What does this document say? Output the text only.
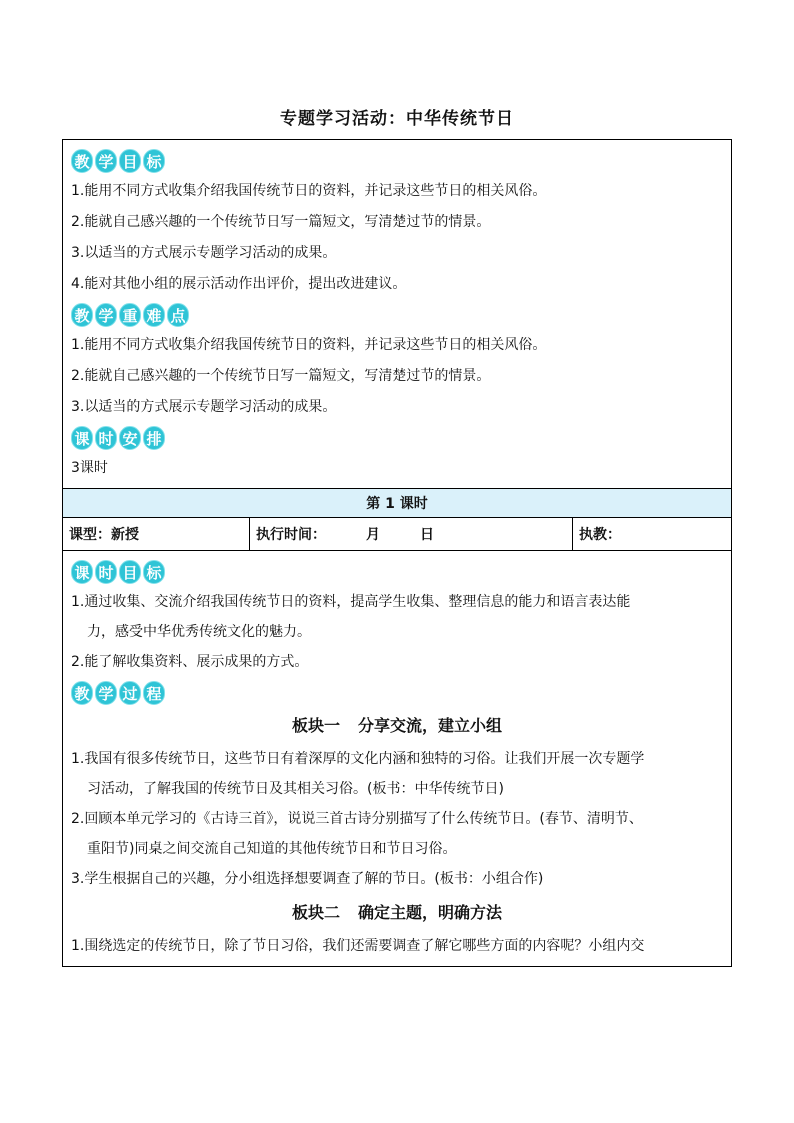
专题学习活动：中华传统节日
教 学 目 标
1.能用不同方式收集介绍我国传统节日的资料，并记录这些节日的相关风俗。
2.能就自己感兴趣的一个传统节日写一篇短文，写清楚过节的情景。
3.以适当的方式展示专题学习活动的成果。
4.能对其他小组的展示活动作出评价，提出改进建议。
教 学 重 难 点
1.能用不同方式收集介绍我国传统节日的资料，并记录这些节日的相关风俗。
2.能就自己感兴趣的一个传统节日写一篇短文，写清楚过节的情景。
3.以适当的方式展示专题学习活动的成果。
课 时 安 排
3课时
第 1 课时
课型：新授	执行时间：	月	日	执教：
课 时 目 标
1.通过收集、交流介绍我国传统节日的资料，提高学生收集、整理信息的能力和语言表达能
力，感受中华优秀传统文化的魅力。
2.能了解收集资料、展示成果的方式。
教 学 过 程
板块一 分享交流，建立小组
1.我国有很多传统节日，这些节日有着深厚的文化内涵和独特的习俗。让我们开展一次专题学
习活动，了解我国的传统节日及其相关习俗。(板书：中华传统节日)
2.回顾本单元学习的《古诗三首》，说说三首古诗分别描写了什么传统节日。(春节、清明节、
重阳节)同桌之间交流自己知道的其他传统节日和节日习俗。
3.学生根据自己的兴趣，分小组选择想要调查了解的节日。(板书：小组合作)
板块二 确定主题，明确方法
1.围绕选定的传统节日，除了节日习俗，我们还需要调查了解它哪些方面的内容呢？小组内交
